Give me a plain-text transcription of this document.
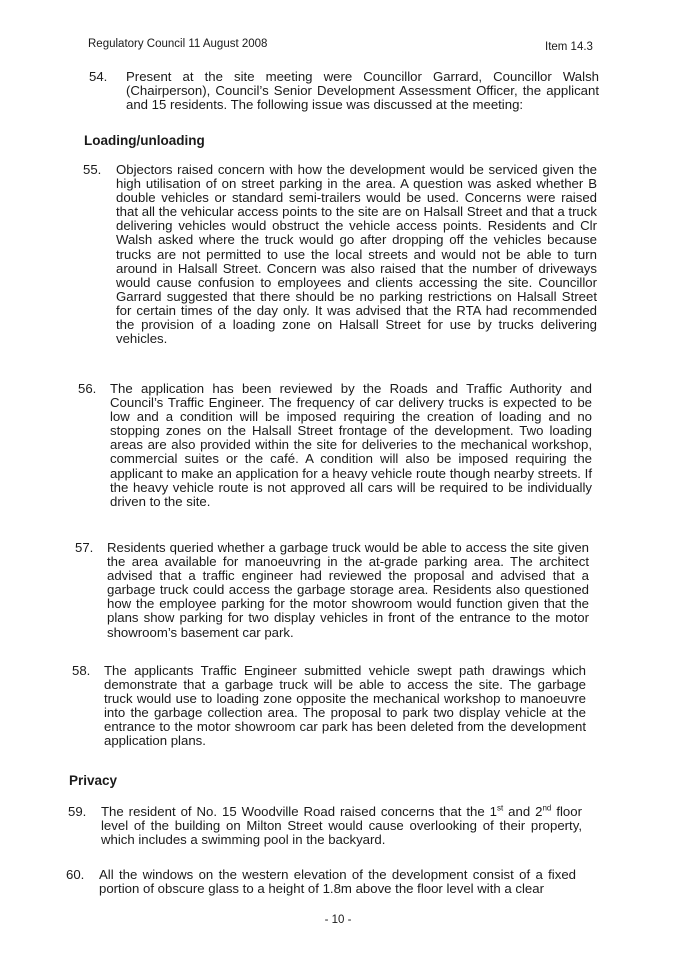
Regulatory Council 11 August 2008	Item 14.3
54. Present at the site meeting were Councillor Garrard, Councillor Walsh (Chairperson), Council’s Senior Development Assessment Officer, the applicant and 15 residents. The following issue was discussed at the meeting:
Loading/unloading
55. Objectors raised concern with how the development would be serviced given the high utilisation of on street parking in the area. A question was asked whether B double vehicles or standard semi-trailers would be used. Concerns were raised that all the vehicular access points to the site are on Halsall Street and that a truck delivering vehicles would obstruct the vehicle access points. Residents and Clr Walsh asked where the truck would go after dropping off the vehicles because trucks are not permitted to use the local streets and would not be able to turn around in Halsall Street. Concern was also raised that the number of driveways would cause confusion to employees and clients accessing the site. Councillor Garrard suggested that there should be no parking restrictions on Halsall Street for certain times of the day only. It was advised that the RTA had recommended the provision of a loading zone on Halsall Street for use by trucks delivering vehicles.
56. The application has been reviewed by the Roads and Traffic Authority and Council’s Traffic Engineer. The frequency of car delivery trucks is expected to be low and a condition will be imposed requiring the creation of loading and no stopping zones on the Halsall Street frontage of the development. Two loading areas are also provided within the site for deliveries to the mechanical workshop, commercial suites or the café. A condition will also be imposed requiring the applicant to make an application for a heavy vehicle route though nearby streets. If the heavy vehicle route is not approved all cars will be required to be individually driven to the site.
57. Residents queried whether a garbage truck would be able to access the site given the area available for manoeuvring in the at-grade parking area. The architect advised that a traffic engineer had reviewed the proposal and advised that a garbage truck could access the garbage storage area. Residents also questioned how the employee parking for the motor showroom would function given that the plans show parking for two display vehicles in front of the entrance to the motor showroom’s basement car park.
58. The applicants Traffic Engineer submitted vehicle swept path drawings which demonstrate that a garbage truck will be able to access the site. The garbage truck would use to loading zone opposite the mechanical workshop to manoeuvre into the garbage collection area. The proposal to park two display vehicle at the entrance to the motor showroom car park has been deleted from the development application plans.
Privacy
59. The resident of No. 15 Woodville Road raised concerns that the 1st and 2nd floor level of the building on Milton Street would cause overlooking of their property, which includes a swimming pool in the backyard.
60. All the windows on the western elevation of the development consist of a fixed portion of obscure glass to a height of 1.8m above the floor level with a clear
- 10 -
